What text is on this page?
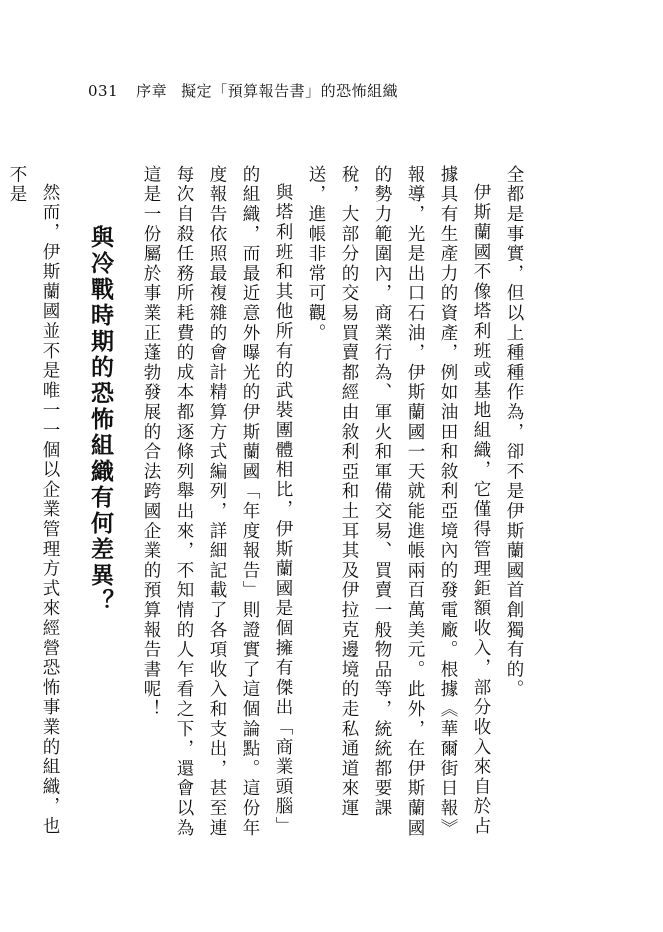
031 序章 擬定「預算報告書」的恐怖組織

全都是事實，但以上種種作為，卻不是伊斯蘭國首創獨有的。

伊斯蘭國不像塔利班或基地組織，它僅得管理鉅額收入，部分收入來自於占據具有生產力的資產，例如油田和敘利亞境內的發電廠。根據《華爾街日報》報導，光是出口石油，伊斯蘭國一天就能進帳兩百萬美元。此外，在伊斯蘭國的勢力範圍內，商業行為、軍火和軍備交易、買賣一般物品等，統統都要課稅，大部分的交易買賣都經由敘利亞和土耳其及伊拉克邊境的走私通道來運送，進帳非常可觀。

與塔利班和其他所有的武裝團體相比，伊斯蘭國是個擁有傑出「商業頭腦」的組織，而最近意外曝光的伊斯蘭國「年度報告」則證實了這個論點。這份年度報告依照最複雜的會計精算方式編列，詳細記載了各項收入和支出，甚至連每次自殺任務所耗費的成本都逐條列舉出來，不知情的人乍看之下，還會以為這是一份屬於事業正蓬勃發展的合法跨國企業的預算報告書呢！

與冷戰時期的恐怖組織有何差異？

然而，伊斯蘭國並不是唯一一個以企業管理方式來經營恐怖事業的組織，也不是
